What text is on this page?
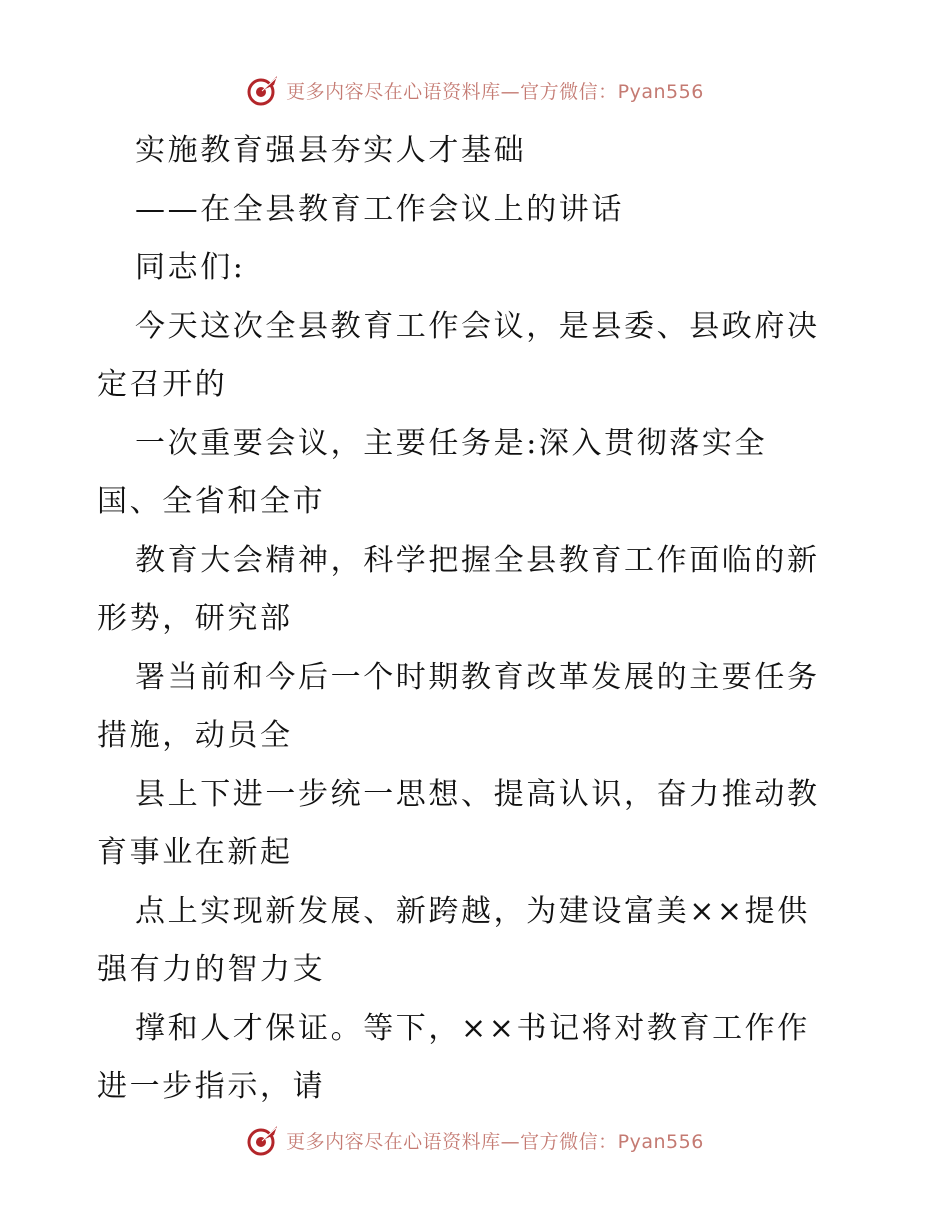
更多内容尽在心语资料库—官方微信：Pyan556
实施教育强县夯实人才基础
——在全县教育工作会议上的讲话
同志们:
今天这次全县教育工作会议，是县委、县政府决
定召开的
一次重要会议，主要任务是:深入贯彻落实全
国、全省和全市
教育大会精神，科学把握全县教育工作面临的新
形势，研究部
署当前和今后一个时期教育改革发展的主要任务
措施，动员全
县上下进一步统一思想、提高认识，奋力推动教
育事业在新起
点上实现新发展、新跨越，为建设富美××提供
强有力的智力支
撑和人才保证。等下，××书记将对教育工作作
进一步指示，请
更多内容尽在心语资料库—官方微信：Pyan556
